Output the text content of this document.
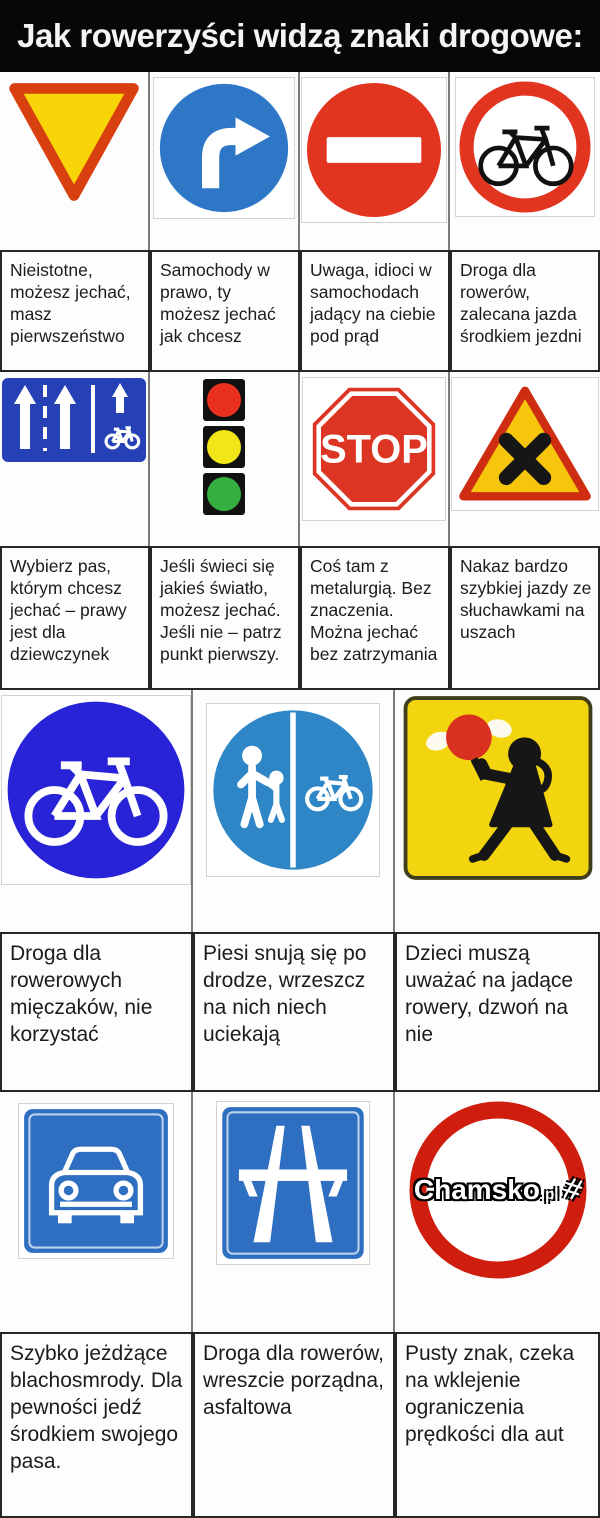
Jak rowerzyści widzą znaki drogowe:
Nieistotne, możesz jechać, masz pierwszeństwo
Samochody w prawo, ty możesz jechać jak chcesz
Uwaga, idioci w samochodach jadący na ciebie pod prąd
Droga dla rowerów, zalecana jazda środkiem jezdni
STOP
Wybierz pas, którym chcesz jechać – prawy jest dla dziewczynek
Jeśli świeci się jakieś światło, możesz jechać. Jeśli nie – patrz punkt pierwszy.
Coś tam z metalurgią. Bez znaczenia. Można jechać bez zatrzymania
Nakaz bardzo szybkiej jazdy ze słuchawkami na uszach
Droga dla rowerowych mięczaków, nie korzystać
Piesi snują się po drodze, wrzeszcz na nich niech uciekają
Dzieci muszą uważać na jadące rowery, dzwoń na nie
Chamsko .pl #
Szybko jeżdżące blachosmrody. Dla pewności jedź środkiem swojego pasa.
Droga dla rowerów, wreszcie porządna, asfaltowa
Pusty znak, czeka na wklejenie ograniczenia prędkości dla aut
